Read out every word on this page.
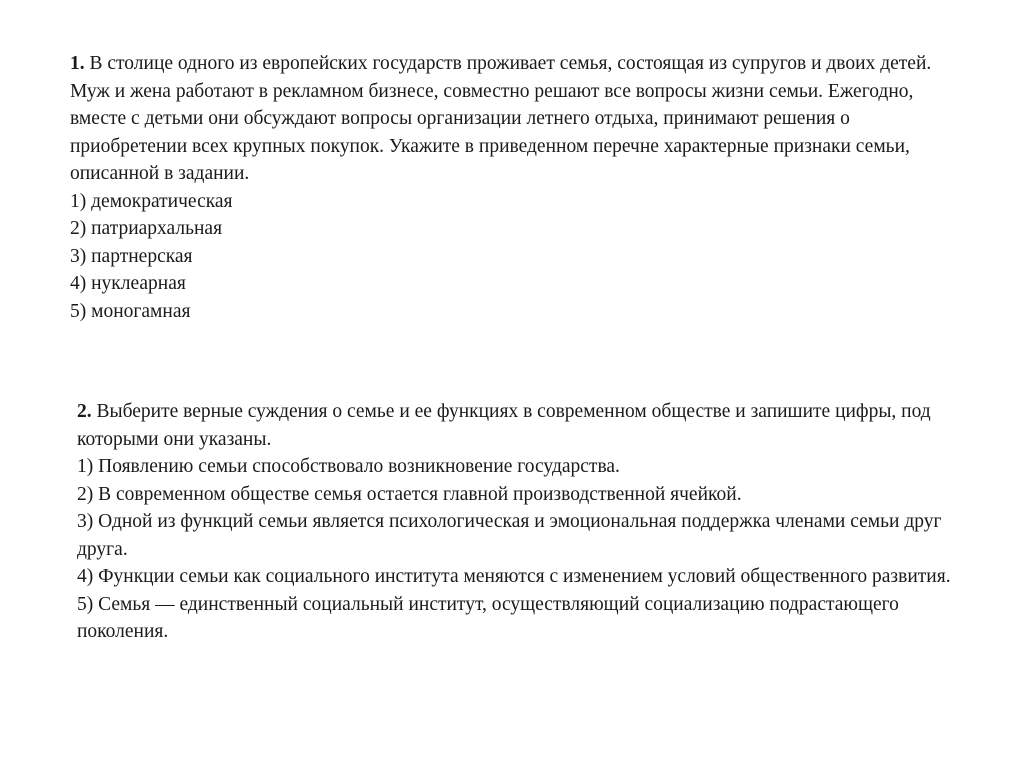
1. В столице одного из европейских государств проживает семья, состоящая из супругов и двоих детей. Муж и жена работают в рекламном бизнесе, совместно решают все вопросы жизни семьи. Ежегодно, вместе с детьми они обсуждают вопросы организации летнего отдыха, принимают решения о приобретении всех крупных покупок. Укажите в приведенном перечне характерные признаки семьи, описанной в задании.

1) демократическая
2) патриархальная
3) партнерская
4) нуклеарная
5) моногамная

2. Выберите верные суждения о семье и ее функциях в современном обществе и запишите цифры, под которыми они указаны.

1) Появлению семьи способствовало возникновение государства.
2) В современном обществе семья остается главной производственной ячейкой.
3) Одной из функций семьи является психологическая и эмоциональная поддержка членами семьи друг друга.
4) Функции семьи как социального института меняются с изменением условий общественного развития.
5) Семья — единственный социальный институт, осуществляющий социализацию подрастающего поколения.
